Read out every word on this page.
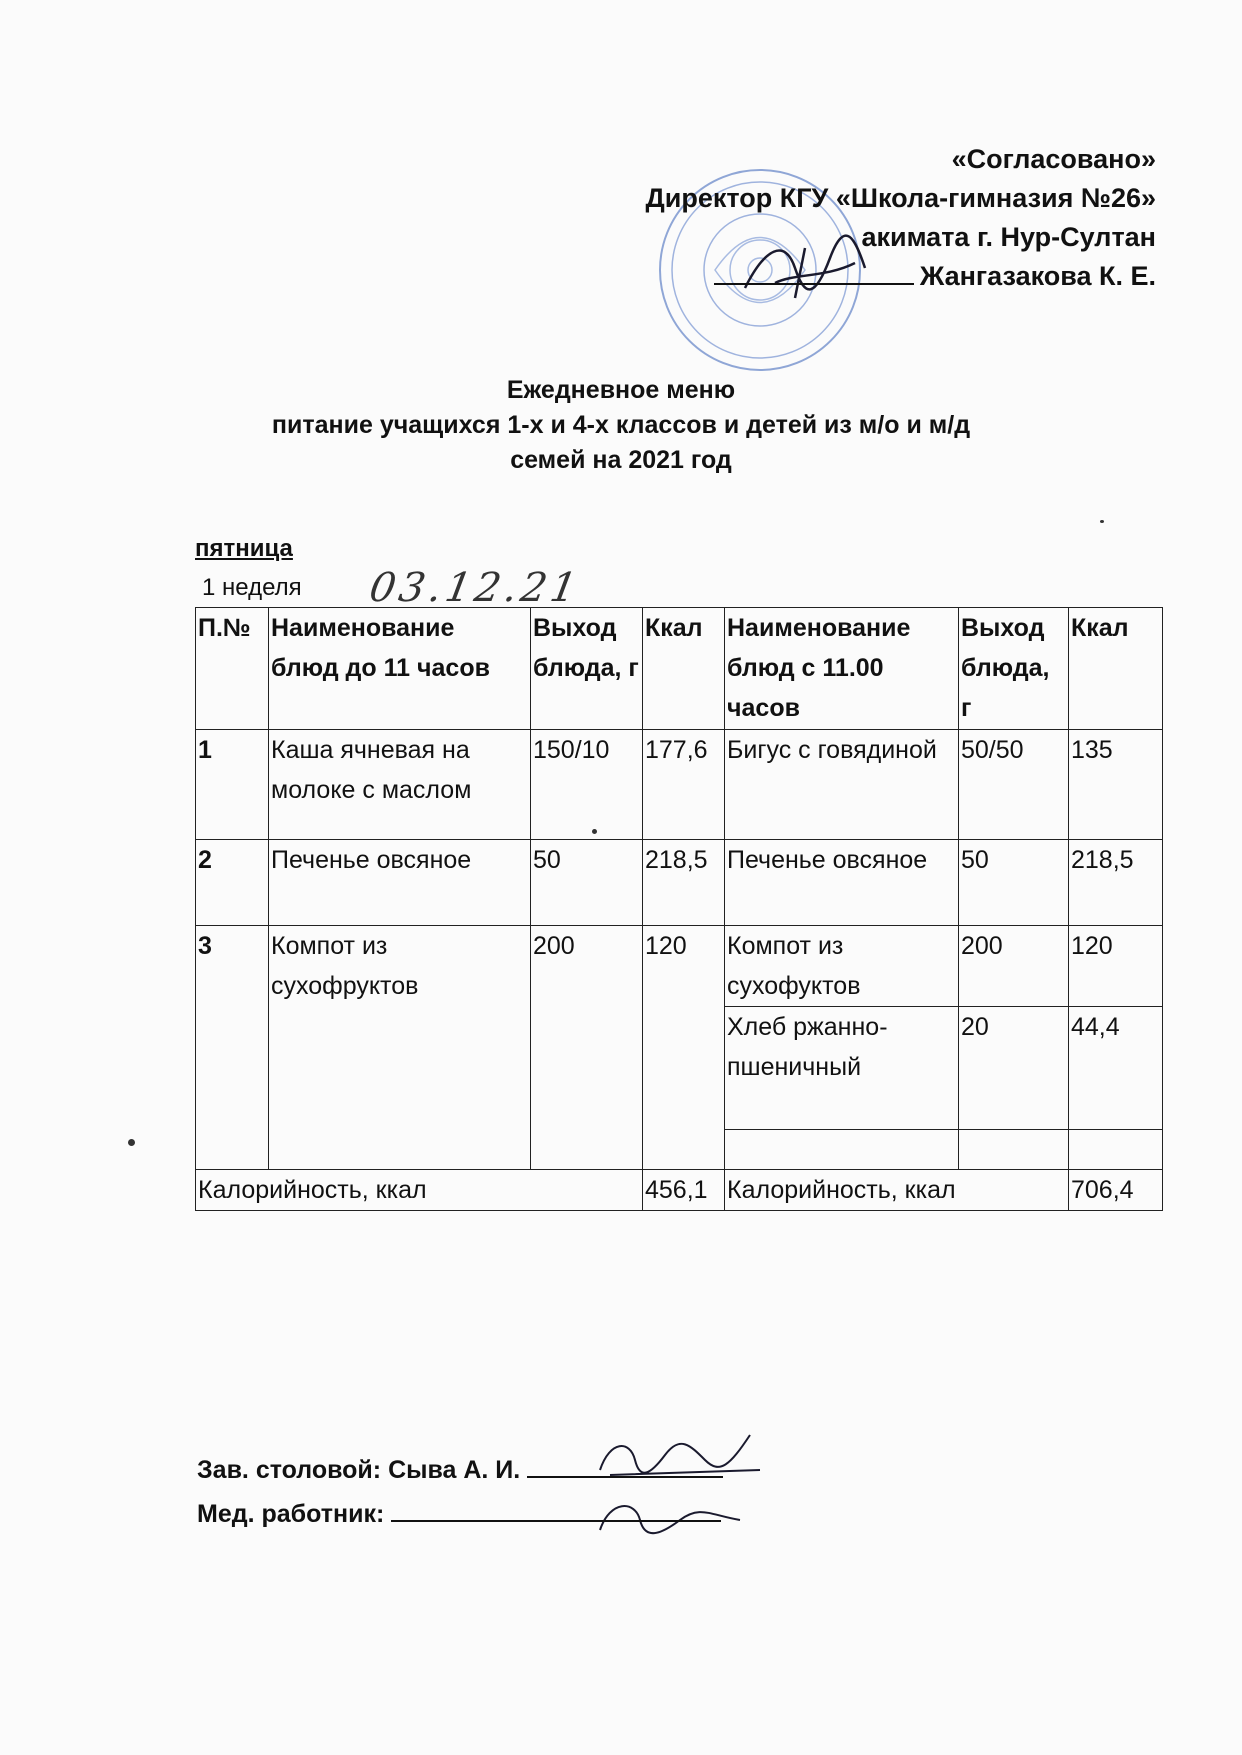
«Согласовано»
Директор КГУ «Школа-гимназия №26»
акимата г. Нур-Султан
Жангазакова К. Е.
Ежедневное меню
питание учащихся 1-х и 4-х классов и детей из м/о и м/д
семей на 2021 год
пятница
1 неделя 03.12.21
П.№	Наименование блюд до 11 часов	Выход блюда, г	Ккал	Наименование блюд с 11.00 часов	Выход блюда, г	Ккал
1	Каша ячневая на молоке с маслом	150/10	177,6	Бигус с говядиной	50/50	135
2	Печенье овсяное	50	218,5	Печенье овсяное	50	218,5
3	Компот из сухофруктов	200	120	Компот из сухофуктов	200	120
				Хлеб ржанно-пшеничный	20	44,4

Калорийность, ккал			456,1	Калорийность, ккал		706,4
Зав. столовой: Сыва А. И.
Мед. работник:
